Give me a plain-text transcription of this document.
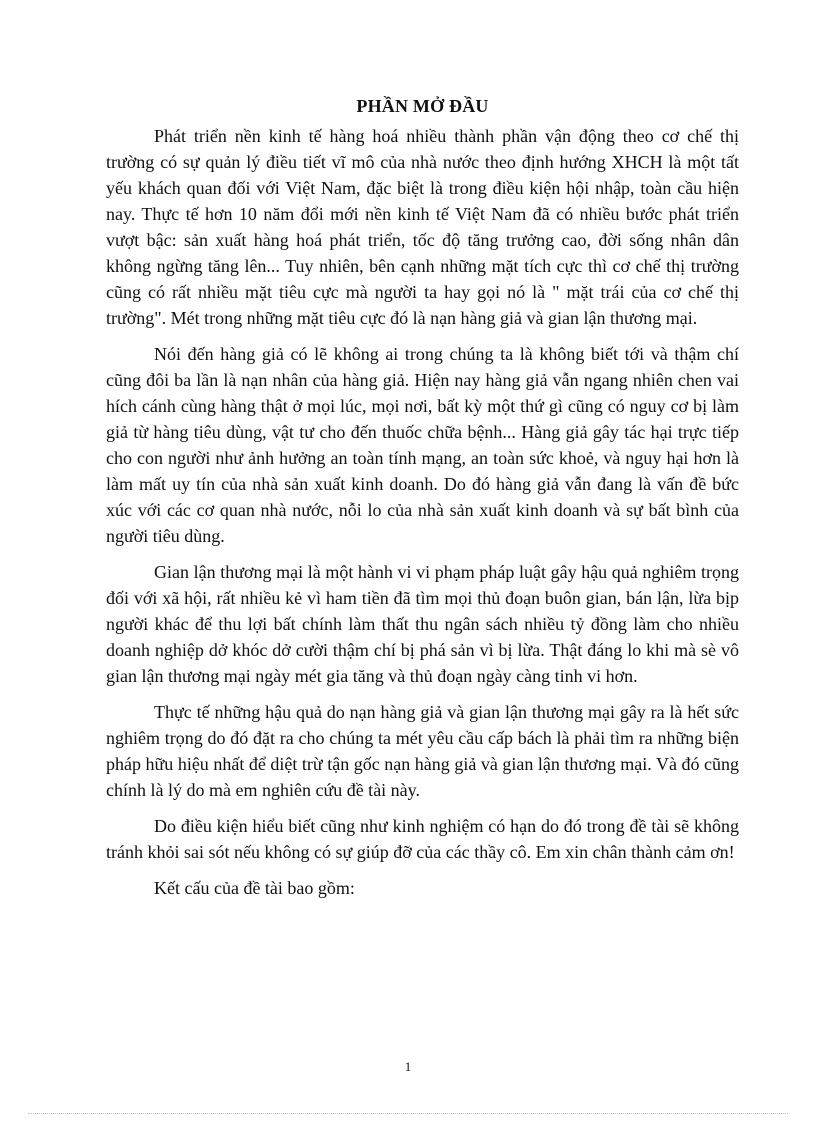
PHẦN MỞ ĐẦU

Phát triển nền kinh tế hàng hoá nhiều thành phần vận động theo cơ chế thị trường có sự quản lý điều tiết vĩ mô của nhà nước theo định hướng XHCH là một tất yếu khách quan đối với Việt Nam, đặc biệt là trong điều kiện hội nhập, toàn cầu hiện nay. Thực tế hơn 10 năm đổi mới nền kinh tế Việt Nam đã có nhiều bước phát triển vượt bậc: sản xuất hàng hoá phát triển, tốc độ tăng trưởng cao, đời sống nhân dân không ngừng tăng lên... Tuy nhiên, bên cạnh những mặt tích cực thì cơ chế thị trường cũng có rất nhiều mặt tiêu cực mà người ta hay gọi nó là " mặt trái của cơ chế thị trường". Mét trong những mặt tiêu cực đó là nạn hàng giả và gian lận thương mại.

Nói đến hàng giả có lẽ không ai trong chúng ta là không biết tới và thậm chí cũng đôi ba lần là nạn nhân của hàng giả. Hiện nay hàng giả vẫn ngang nhiên chen vai hích cánh cùng hàng thật ở mọi lúc, mọi nơi, bất kỳ một thứ gì cũng có nguy cơ bị làm giả từ hàng tiêu dùng, vật tư cho đến thuốc chữa bệnh... Hàng giả gây tác hại trực tiếp cho con người như ảnh hưởng an toàn tính mạng, an toàn sức khoẻ, và nguy hại hơn là làm mất uy tín của nhà sản xuất kinh doanh. Do đó hàng giả vẫn đang là vấn đề bức xúc với các cơ quan nhà nước, nỗi lo của nhà sản xuất kinh doanh và sự bất bình của người tiêu dùng.

Gian lận thương mại là một hành vi vi phạm pháp luật gây hậu quả nghiêm trọng đối với xã hội, rất nhiều kẻ vì ham tiền đã tìm mọi thủ đoạn buôn gian, bán lận, lừa bịp người khác để thu lợi bất chính làm thất thu ngân sách nhiều tỷ đồng làm cho nhiều doanh nghiệp dở khóc dở cười thậm chí bị phá sản vì bị lừa. Thật đáng lo khi mà sè vô gian lận thương mại ngày mét gia tăng và thủ đoạn ngày càng tinh vi hơn.

Thực tế những hậu quả do nạn hàng giả và gian lận thương mại gây ra là hết sức nghiêm trọng do đó đặt ra cho chúng ta mét yêu cầu cấp bách là phải tìm ra những biện pháp hữu hiệu nhất để diệt trừ tận gốc nạn hàng giả và gian lận thương mại. Và đó cũng chính là lý do mà em nghiên cứu đề tài này.

Do điều kiện hiểu biết cũng như kinh nghiệm có hạn do đó trong đề tài sẽ không tránh khỏi sai sót nếu không có sự giúp đỡ của các thầy cô. Em xin chân thành cảm ơn!

Kết cấu của đề tài bao gồm:

1
